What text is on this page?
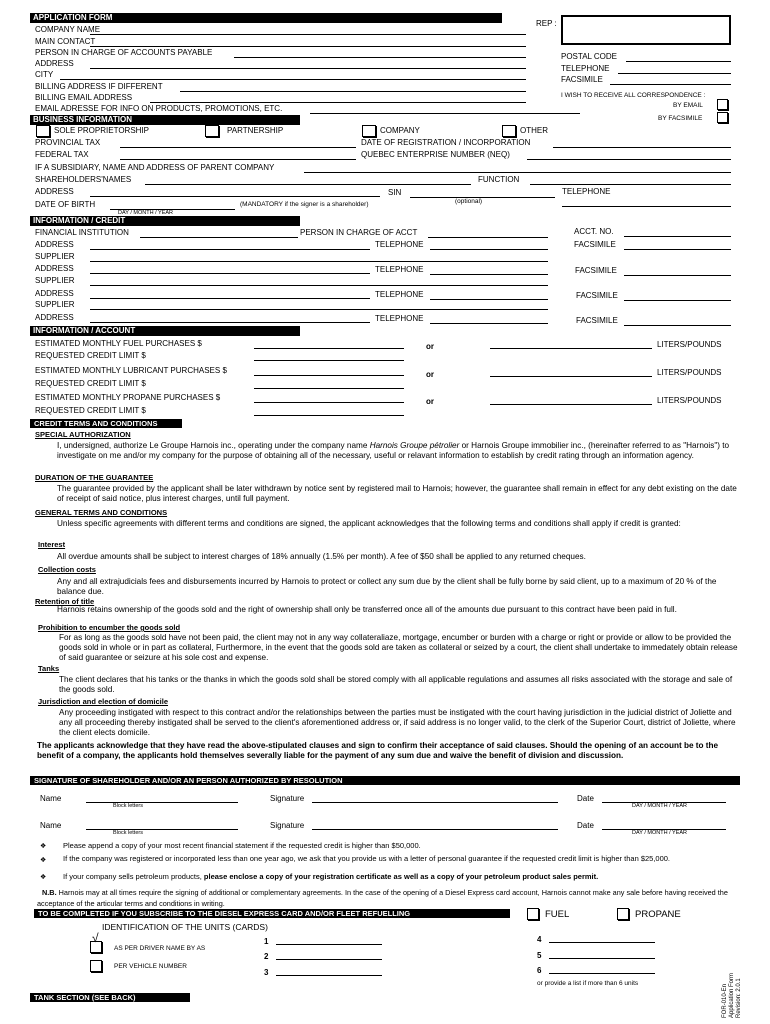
APPLICATION FORM
REP :
COMPANY NAME
MAIN CONTACT
PERSON IN CHARGE OF ACCOUNTS PAYABLE
ADDRESS
CITY
BILLING ADDRESS IF DIFFERENT
BILLING EMAIL ADDRESS
EMAIL ADRESSE FOR INFO ON PRODUCTS, PROMOTIONS, ETC.
POSTAL CODE
TELEPHONE
FACSIMILE
I WISH TO RECEIVE ALL CORRESPONDENCE :
BY EMAIL
BY FACSIMILE
BUSINESS INFORMATION
SOLE PROPRIETORSHIP	PARTNERSHIP	COMPANY	OTHER
PROVINCIAL TAX	DATE OF REGISTRATION / INCORPORATION
FEDERAL TAX	QUEBEC ENTERPRISE NUMBER (NEQ)
IF A SUBSIDIARY, NAME AND ADDRESS OF PARENT COMPANY
SHAREHOLDERS'NAMES	FUNCTION
ADDRESS	SIN	TELEPHONE
(optional)
DATE OF BIRTH	(MANDATORY if the signer is a shareholder)
DAY / MONTH / YEAR
INFORMATION / CREDIT
FINANCIAL INSTITUTION	PERSON IN CHARGE OF ACCT	ACCT. NO.
ADDRESS	TELEPHONE	FACSIMILE
SUPPLIER
ADDRESS	TELEPHONE	FACSIMILE
SUPPLIER
ADDRESS	TELEPHONE	FACSIMILE
SUPPLIER
ADDRESS	TELEPHONE	FACSIMILE
INFORMATION / ACCOUNT
ESTIMATED MONTHLY FUEL PURCHASES $	or	LITERS/POUNDS
REQUESTED CREDIT LIMIT $
ESTIMATED MONTHLY LUBRICANT PURCHASES $	or	LITERS/POUNDS
REQUESTED CREDIT LIMIT $
ESTIMATED MONTHLY PROPANE PURCHASES $	or	LITERS/POUNDS
REQUESTED CREDIT LIMIT $
CREDIT TERMS AND CONDITIONS
SPECIAL AUTHORIZATION
I, undersigned, authorize Le Groupe Harnois inc., operating under the company name Harnois Groupe pétrolier or Harnois Groupe immobilier inc., (hereinafter referred to as "Harnois") to investigate on me and/or my company for the purpose of obtaining all of the necessary, useful or relavant information to establish by credit rating through an information agency.
DURATION OF THE GUARANTEE
The guarantee provided by the applicant shall be later withdrawn by notice sent by registered mail to Harnois; however, the guarantee shall remain in effect for any debt existing on the date of receipt of said notice, plus interest charges, until full payment.
GENERAL TERMS AND CONDITIONS
Unless specific agreements with different terms and conditions are signed, the applicant acknowledges that the following terms and conditions shall apply if credit is granted:
Interest
All overdue amounts shall be subject to interest charges of 18% annually (1.5% per month). A fee of $50 shall be applied to any returned cheques.
Collection costs
Any and all extrajudicials fees and disbursements incurred by Harnois to protect or collect any sum due by the client shall be fully borne by said client, up to a maximum of 20 % of the balance due.
Retention of title
Harnois retains ownership of the goods sold and the right of ownership shall only be transferred once all of the amounts due pursuant to this contract have been paid in full.
Prohibition to encumber the goods sold
For as long as the goods sold have not been paid, the client may not in any way collateraliaze, mortgage, encumber or burden with a charge or right or provide or allow to be provided the goods sold in whole or in part as collateral, Furthermore, in the event that the goods sold are taken as collateral or seized by a court, the client shall undertake to immedately obtain release of said guarantee or seizure at his sole cost and expense.
Tanks
The client declares that his tanks or the thanks in which the goods sold shall be stored comply with all applicable regulations and assumes all risks associated with the storage and sale of the goods sold.
Jurisdiction and election of domicile
Any proceeding instigated with respect to this contract and/or the relationships between the parties must be instigated with the court having jurisdiction in the judicial district of Joliette and any all proceeding thereby instigated shall be served to the client's aforementioned address or, if said address is no longer valid, to the clerk of the Superior Court, district of Joliette, where the client elects domicile.
The applicants acknowledge that they have read the above-stipulated clauses and sign to confirm their acceptance of said clauses. Should the opening of an account be to the benefit of a company, the applicants hold themselves severally liable for the payment of any sum due and waive the benefit of division and discussion.
SIGNATURE OF SHAREHOLDER AND/OR AN PERSON AUTHORIZED BY RESOLUTION
Name
Block letters
Signature	Date
DAY / MONTH / YEAR
Name
Block letters
Signature	Date
DAY / MONTH / YEAR
❖ Please append a copy of your most recent financial statement if the requested credit is higher than $50,000.
❖ If the company was registered or incorporated less than one year ago, we ask that you provide us with a letter of personal guarantee if the requested credit limit is higher than $25,000.
❖ If your company sells petroleum products, please enclose a copy of your registration certificate as well as a copy of your petroleum product sales permit.
N.B. Harnois may at all times require the signing of additional or complementary agreements. In the case of the opening of a Diesel Express card account, Harnois cannot make any sale before having received the acceptance of the articular terms and conditions in writing.
TO BE COMPLETED IF YOU SUBSCRIBE TO THE DIESEL EXPRESS CARD AND/OR FLEET REFUELLING	FUEL	PROPANE
IDENTIFICATION OF THE UNITS (CARDS)
√
AS PER DRIVER NAME BY AS
PER VEHICLE NUMBER
1
2
3
4
5
6
or provide a list if more than 6 units
TANK SECTION (SEE BACK)	FOR-010-En Application Form Revision: 2.0.1
